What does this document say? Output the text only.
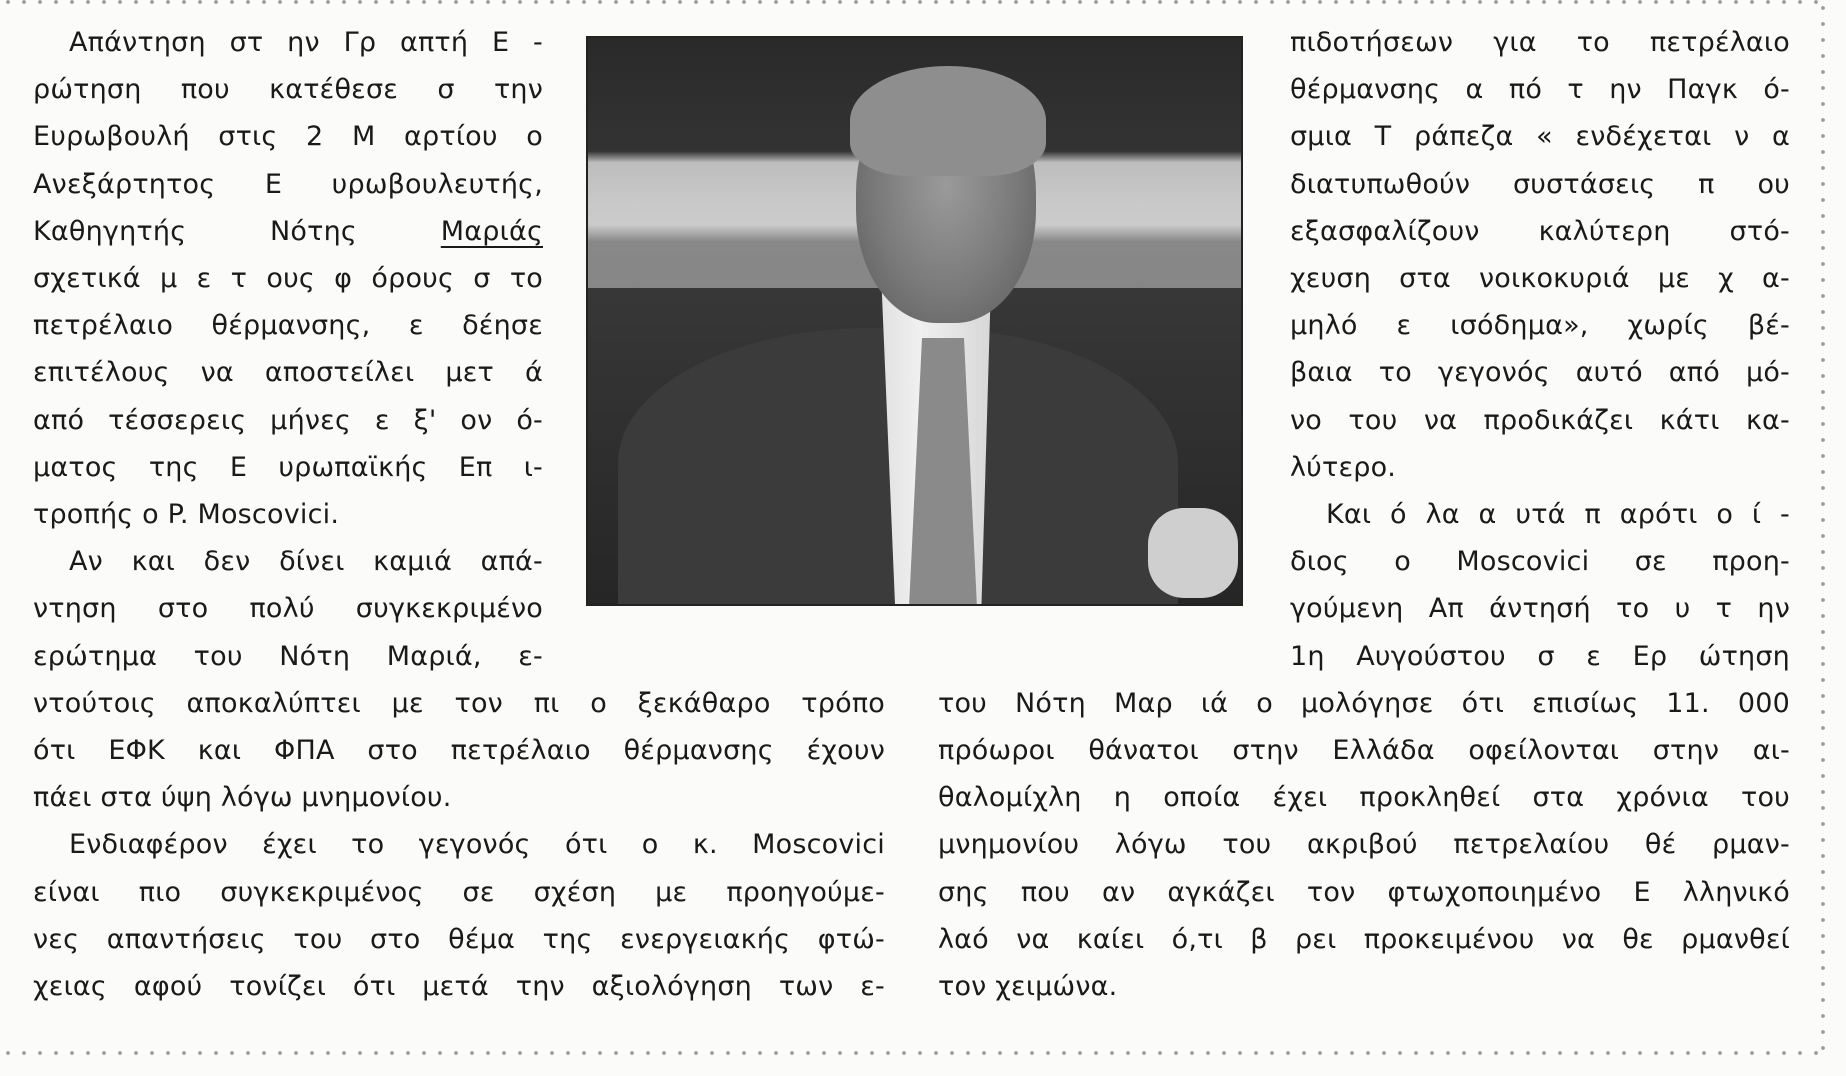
Απάντηση στ ην Γρ απτή Ε -
ρώτηση που κατέθεσε σ την
Ευρωβουλή στις 2 Μ αρτίου ο
Ανεξάρτητος Ε υρωβουλευτής,
Καθηγητής Νότης Μαριάς
σχετικά μ ε τ ους φ όρους σ το
πετρέλαιο θέρμανσης, ε δέησε
επιτέλους να αποστείλει μετ ά
από τέσσερεις μήνες ε ξ' ον ό-
ματος της Ε υρωπαϊκής Επ ι-
τροπής ο P. Moscovici.
Αν και δεν δίνει καμιά απά-
ντηση στο πολύ συγκεκριμένο
ερώτημα του Νότη Μαριά, ε-
ντούτοις αποκαλύπτει με τον πι ο ξεκάθαρο τρόπο
ότι ΕΦΚ και ΦΠΑ στο πετρέλαιο θέρμανσης έχουν
πάει στα ύψη λόγω μνημονίου.
Ενδιαφέρον έχει το γεγονός ότι ο κ. Moscovici
είναι πιο συγκεκριμένος σε σχέση με προηγούμε-
νες απαντήσεις του στο θέμα της ενεργειακής φτώ-
χειας αφού τονίζει ότι μετά την αξιολόγηση των ε-
πιδοτήσεων για το πετρέλαιο
θέρμανσης α πό τ ην Παγκ ό-
σμια Τ ράπεζα « ενδέχεται ν α
διατυπωθούν συστάσεις π ου
εξασφαλίζουν καλύτερη στό-
χευση στα νοικοκυριά με χ α-
μηλό ε ισόδημα», χωρίς βέ-
βαια το γεγονός αυτό από μό-
νο του να προδικάζει κάτι κα-
λύτερο.
Και ό λα α υτά π αρότι ο ί -
διος ο Moscovici σε προη-
γούμενη Απ άντησή το υ τ ην
1η Αυγούστου σ ε Ερ ώτηση
του Νότη Μαρ ιά ο μολόγησε ότι επισίως 11. 000
πρόωροι θάνατοι στην Ελλάδα οφείλονται στην αι-
θαλομίχλη η οποία έχει προκληθεί στα χρόνια του
μνημονίου λόγω του ακριβού πετρελαίου θέ ρμαν-
σης που αν αγκάζει τον φτωχοποιημένο Ε λληνικό
λαό να καίει ό,τι β ρει προκειμένου να θε ρμανθεί
τον χειμώνα.
